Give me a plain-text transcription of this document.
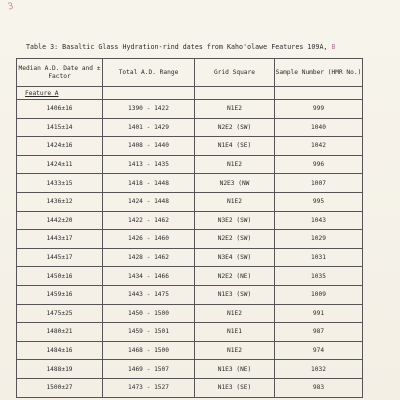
3
Table 3: Basaltic Glass Hydration-rind dates from Kaho'olawe Features 109A, B
Median A.D. Date and ± Factor	Total A.D. Range	Grid Square	Sample Number (HMR No.)
Feature A			
1406±16	1390 - 1422	N1E2	999
1415±14	1401 - 1429	N2E2 (SW)	1040
1424±16	1408 - 1440	N1E4 (SE)	1042
1424±11	1413 - 1435	N1E2	996
1433±15	1418 - 1448	N2E3 (NW	1007
1436±12	1424 - 1448	N1E2	995
1442±20	1422 - 1462	N3E2 (SW)	1043
1443±17	1426 - 1460	N2E2 (SW)	1029
1445±17	1428 - 1462	N3E4 (SW)	1031
1450±16	1434 - 1466	N2E2 (NE)	1035
1459±16	1443 - 1475	N1E3 (SW)	1009
1475±25	1450 - 1500	N1E2	991
1480±21	1459 - 1501	N1E1	987
1484±16	1468 - 1500	N1E2	974
1488±19	1469 - 1507	N1E3 (NE)	1032
1500±27	1473 - 1527	N1E3 (SE)	983
